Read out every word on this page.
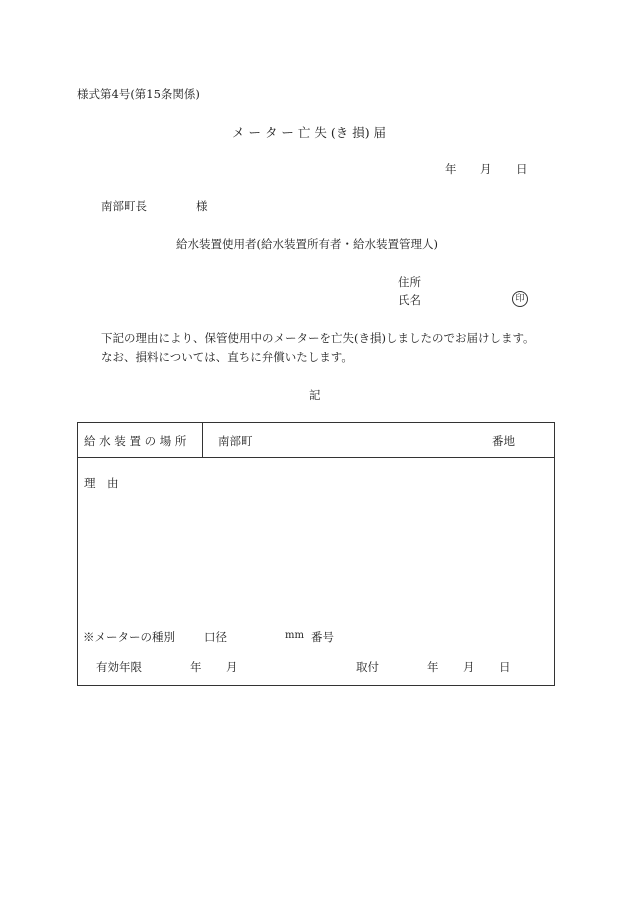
様式第4号(第15条関係)
メ ー タ ー 亡 失 (き 損) 届
年 月 日
南部町長	様
給水装置使用者(給水装置所有者・給水装置管理人)
住所
氏名	印
下記の理由により、保管使用中のメーターを亡失(き損)しましたのでお届けします。
なお、損料については、直ちに弁償いたします。
記
給 水 装 置 の 場 所	南部町	番地
理　由
※メーターの種別	口径	mm 番号
有効年限	年 月	取付	年 月 日
